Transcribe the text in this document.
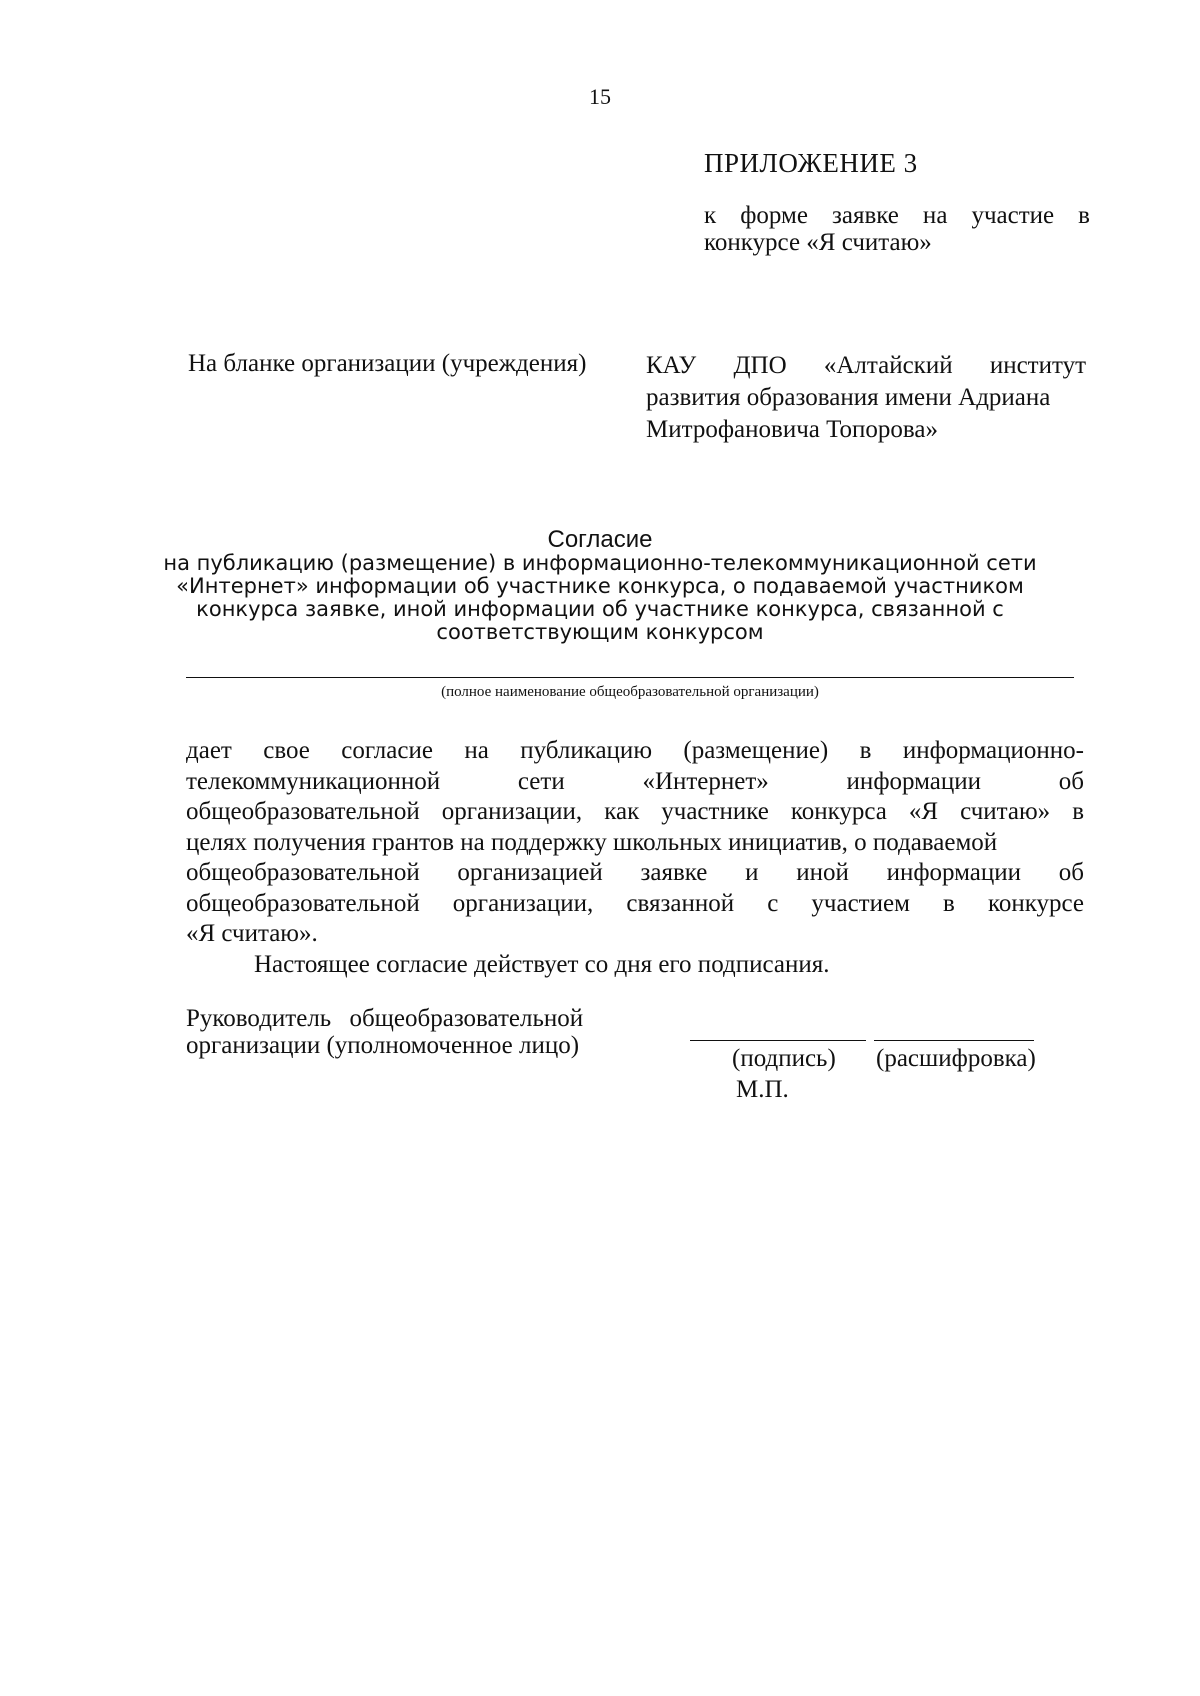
15
ПРИЛОЖЕНИЕ 3
к форме заявке на участие в
конкурсе «Я считаю»
На бланке организации (учреждения) КАУ ДПО «Алтайский институт
развития образования имени Адриана
Митрофановича Топорова»
Согласие
на публикацию (размещение) в информационно-телекоммуникационной сети
«Интернет» информации об участнике конкурса, о подаваемой участником
конкурса заявке, иной информации об участнике конкурса, связанной с
соответствующим конкурсом
(полное наименование общеобразовательной организации)
дает свое согласие на публикацию (размещение) в информационно-
телекоммуникационной сети «Интернет» информации об
общеобразовательной организации, как участнике конкурса «Я считаю» в
целях получения грантов на поддержку школьных инициатив, о подаваемой
общеобразовательной организацией заявке и иной информации об
общеобразовательной организации, связанной с участием в конкурсе
«Я считаю».
Настоящее согласие действует со дня его подписания.
Руководитель общеобразовательной
организации (уполномоченное лицо)	(подпись) (расшифровка)
М.П.
